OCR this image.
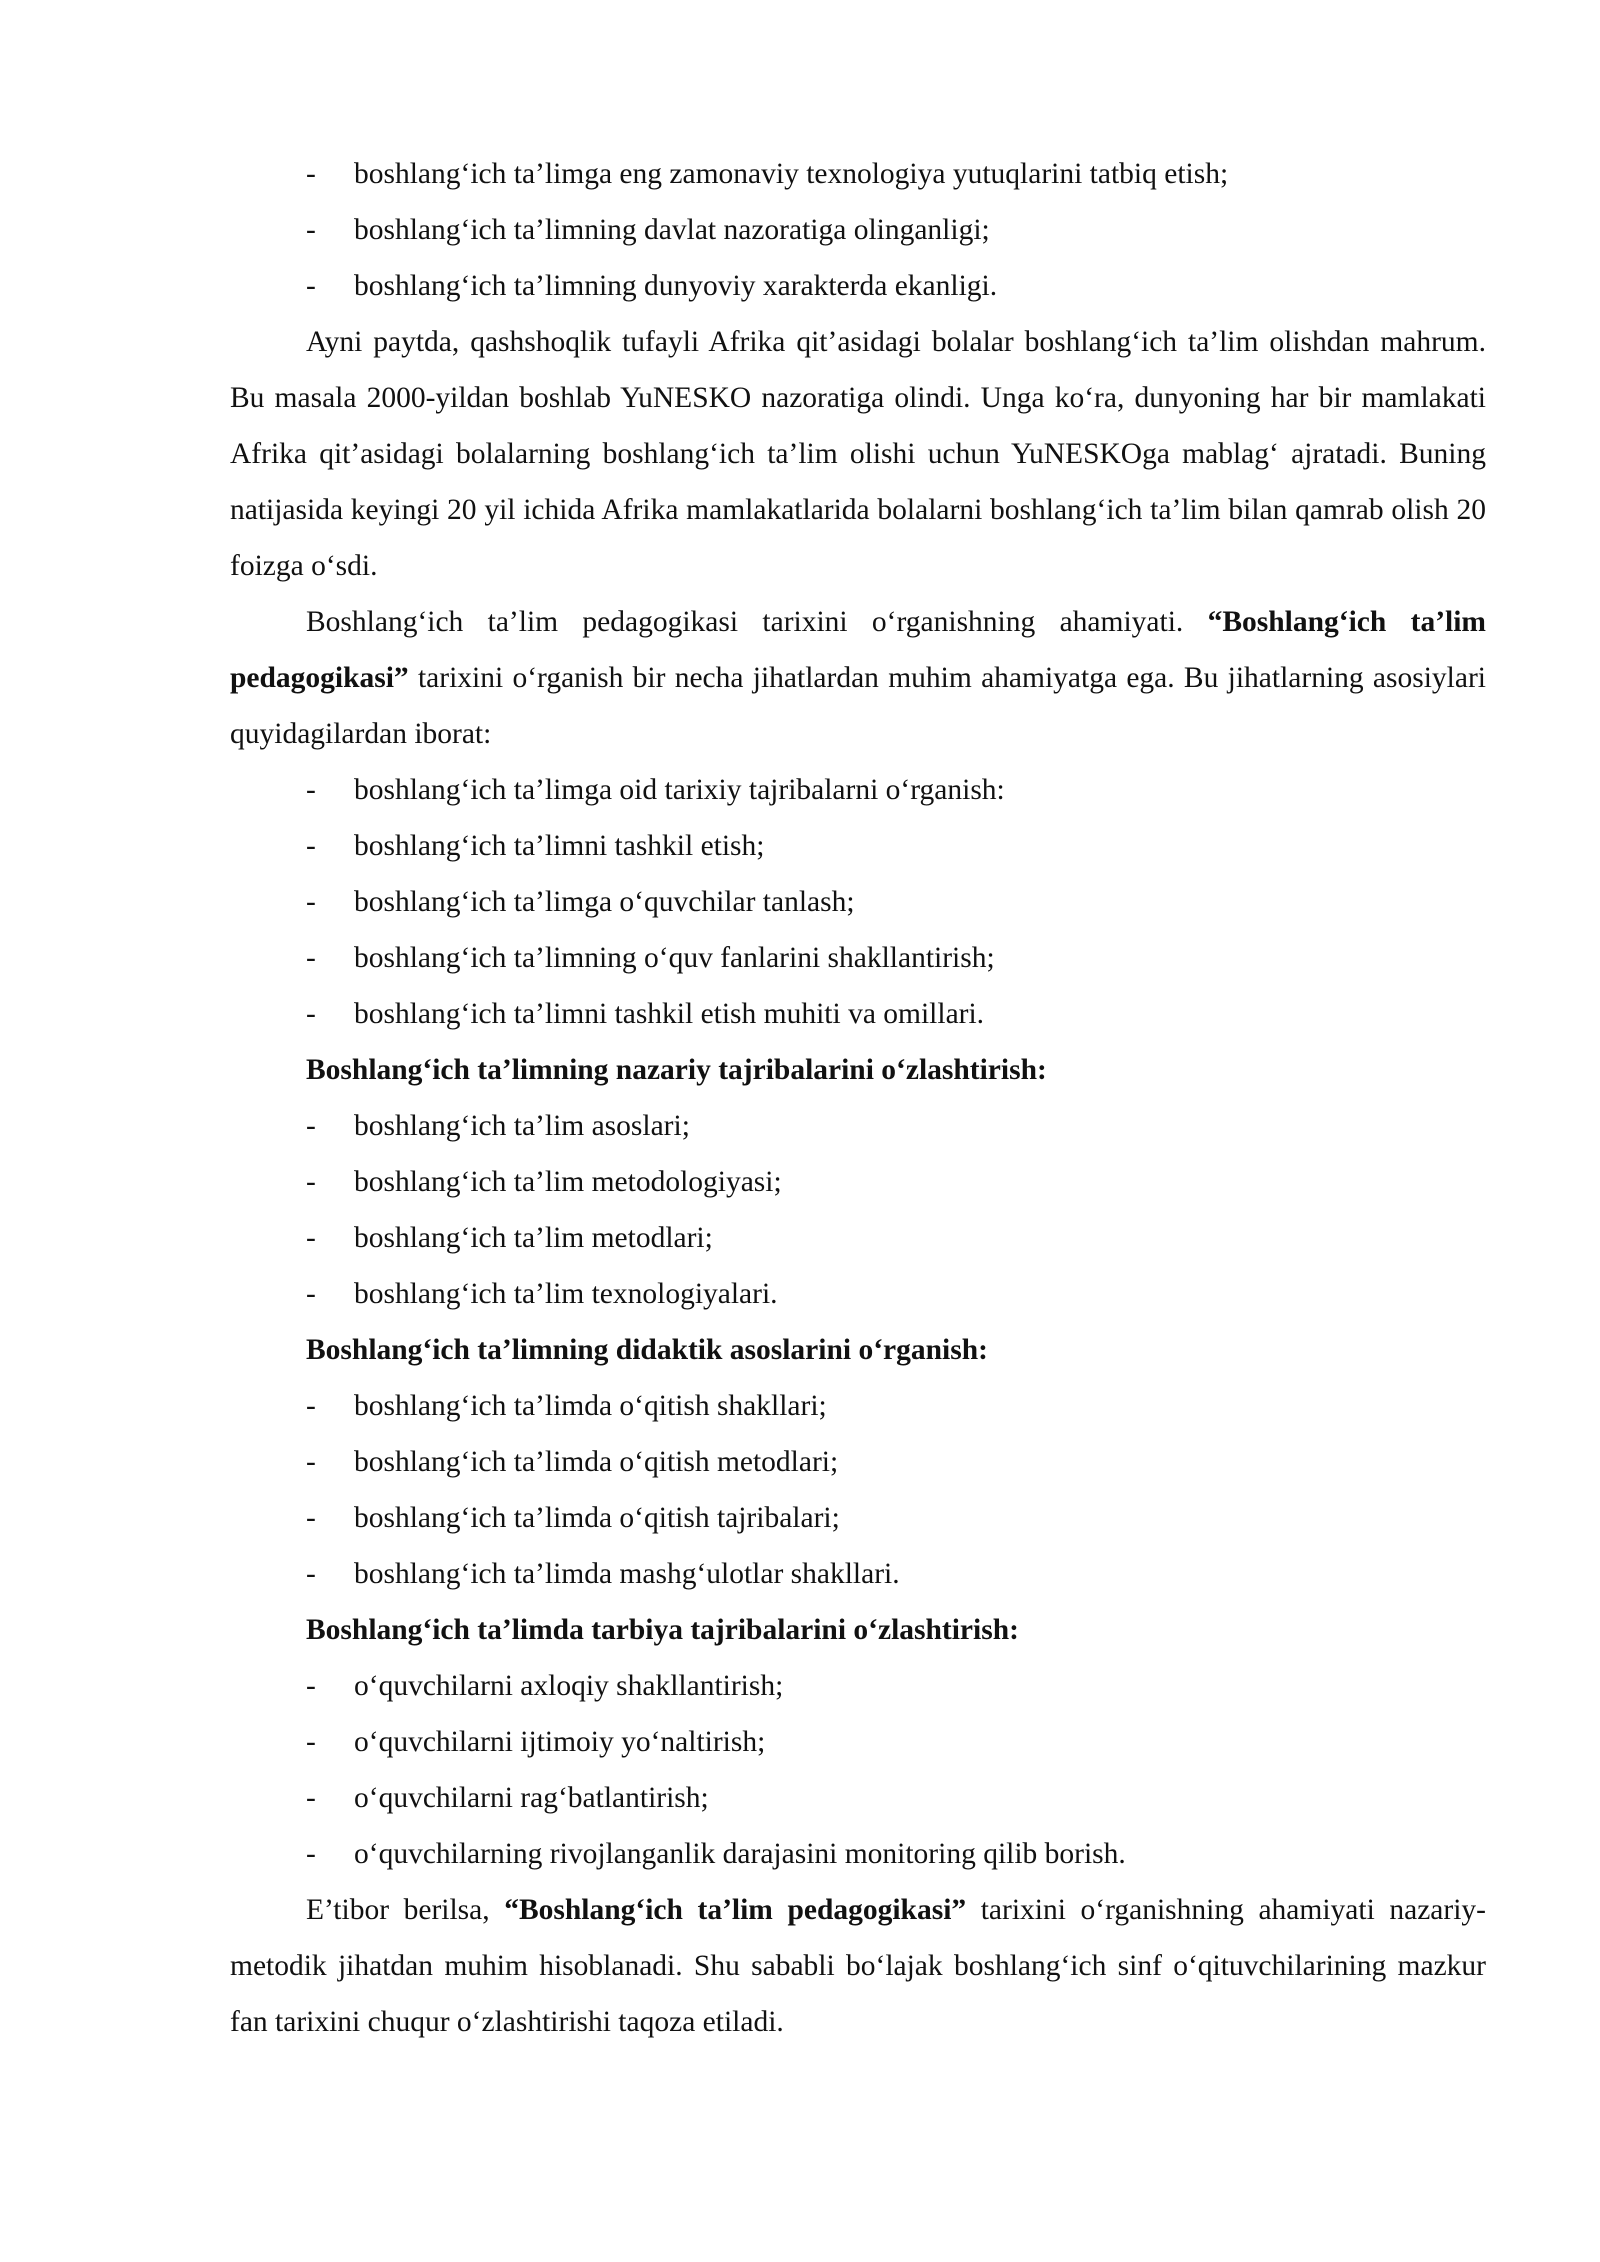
- boshlang‘ich ta’limga eng zamonaviy texnologiya yutuqlarini tatbiq etish;
- boshlang‘ich ta’limning davlat nazoratiga olinganligi;
- boshlang‘ich ta’limning dunyoviy xarakterda ekanligi.

Ayni paytda, qashshoqlik tufayli Afrika qit’asidagi bolalar boshlang‘ich ta’lim olishdan mahrum. Bu masala 2000-yildan boshlab YuNESKO nazoratiga olindi. Unga ko‘ra, dunyoning har bir mamlakati Afrika qit’asidagi bolalarning boshlang‘ich ta’lim olishi uchun YuNESKOga mablag‘ ajratadi. Buning natijasida keyingi 20 yil ichida Afrika mamlakatlarida bolalarni boshlang‘ich ta’lim bilan qamrab olish 20 foizga o‘sdi.

Boshlang‘ich ta’lim pedagogikasi tarixini o‘rganishning ahamiyati. “Boshlang‘ich ta’lim pedagogikasi” tarixini o‘rganish bir necha jihatlardan muhim ahamiyatga ega. Bu jihatlarning asosiylari quyidagilardan iborat:

- boshlang‘ich ta’limga oid tarixiy tajribalarni o‘rganish:
- boshlang‘ich ta’limni tashkil etish;
- boshlang‘ich ta’limga o‘quvchilar tanlash;
- boshlang‘ich ta’limning o‘quv fanlarini shakllantirish;
- boshlang‘ich ta’limni tashkil etish muhiti va omillari.
Boshlang‘ich ta’limning nazariy tajribalarini o‘zlashtirish:
- boshlang‘ich ta’lim asoslari;
- boshlang‘ich ta’lim metodologiyasi;
- boshlang‘ich ta’lim metodlari;
- boshlang‘ich ta’lim texnologiyalari.
Boshlang‘ich ta’limning didaktik asoslarini o‘rganish:
- boshlang‘ich ta’limda o‘qitish shakllari;
- boshlang‘ich ta’limda o‘qitish metodlari;
- boshlang‘ich ta’limda o‘qitish tajribalari;
- boshlang‘ich ta’limda mashg‘ulotlar shakllari.
Boshlang‘ich ta’limda tarbiya tajribalarini o‘zlashtirish:
- o‘quvchilarni axloqiy shakllantirish;
- o‘quvchilarni ijtimoiy yo‘naltirish;
- o‘quvchilarni rag‘batlantirish;
- o‘quvchilarning rivojlanganlik darajasini monitoring qilib borish.

E’tibor berilsa, “Boshlang‘ich ta’lim pedagogikasi” tarixini o‘rganishning ahamiyati nazariy-metodik jihatdan muhim hisoblanadi. Shu sababli bo‘lajak boshlang‘ich sinf o‘qituvchilarining mazkur fan tarixini chuqur o‘zlashtirishi taqoza etiladi.
